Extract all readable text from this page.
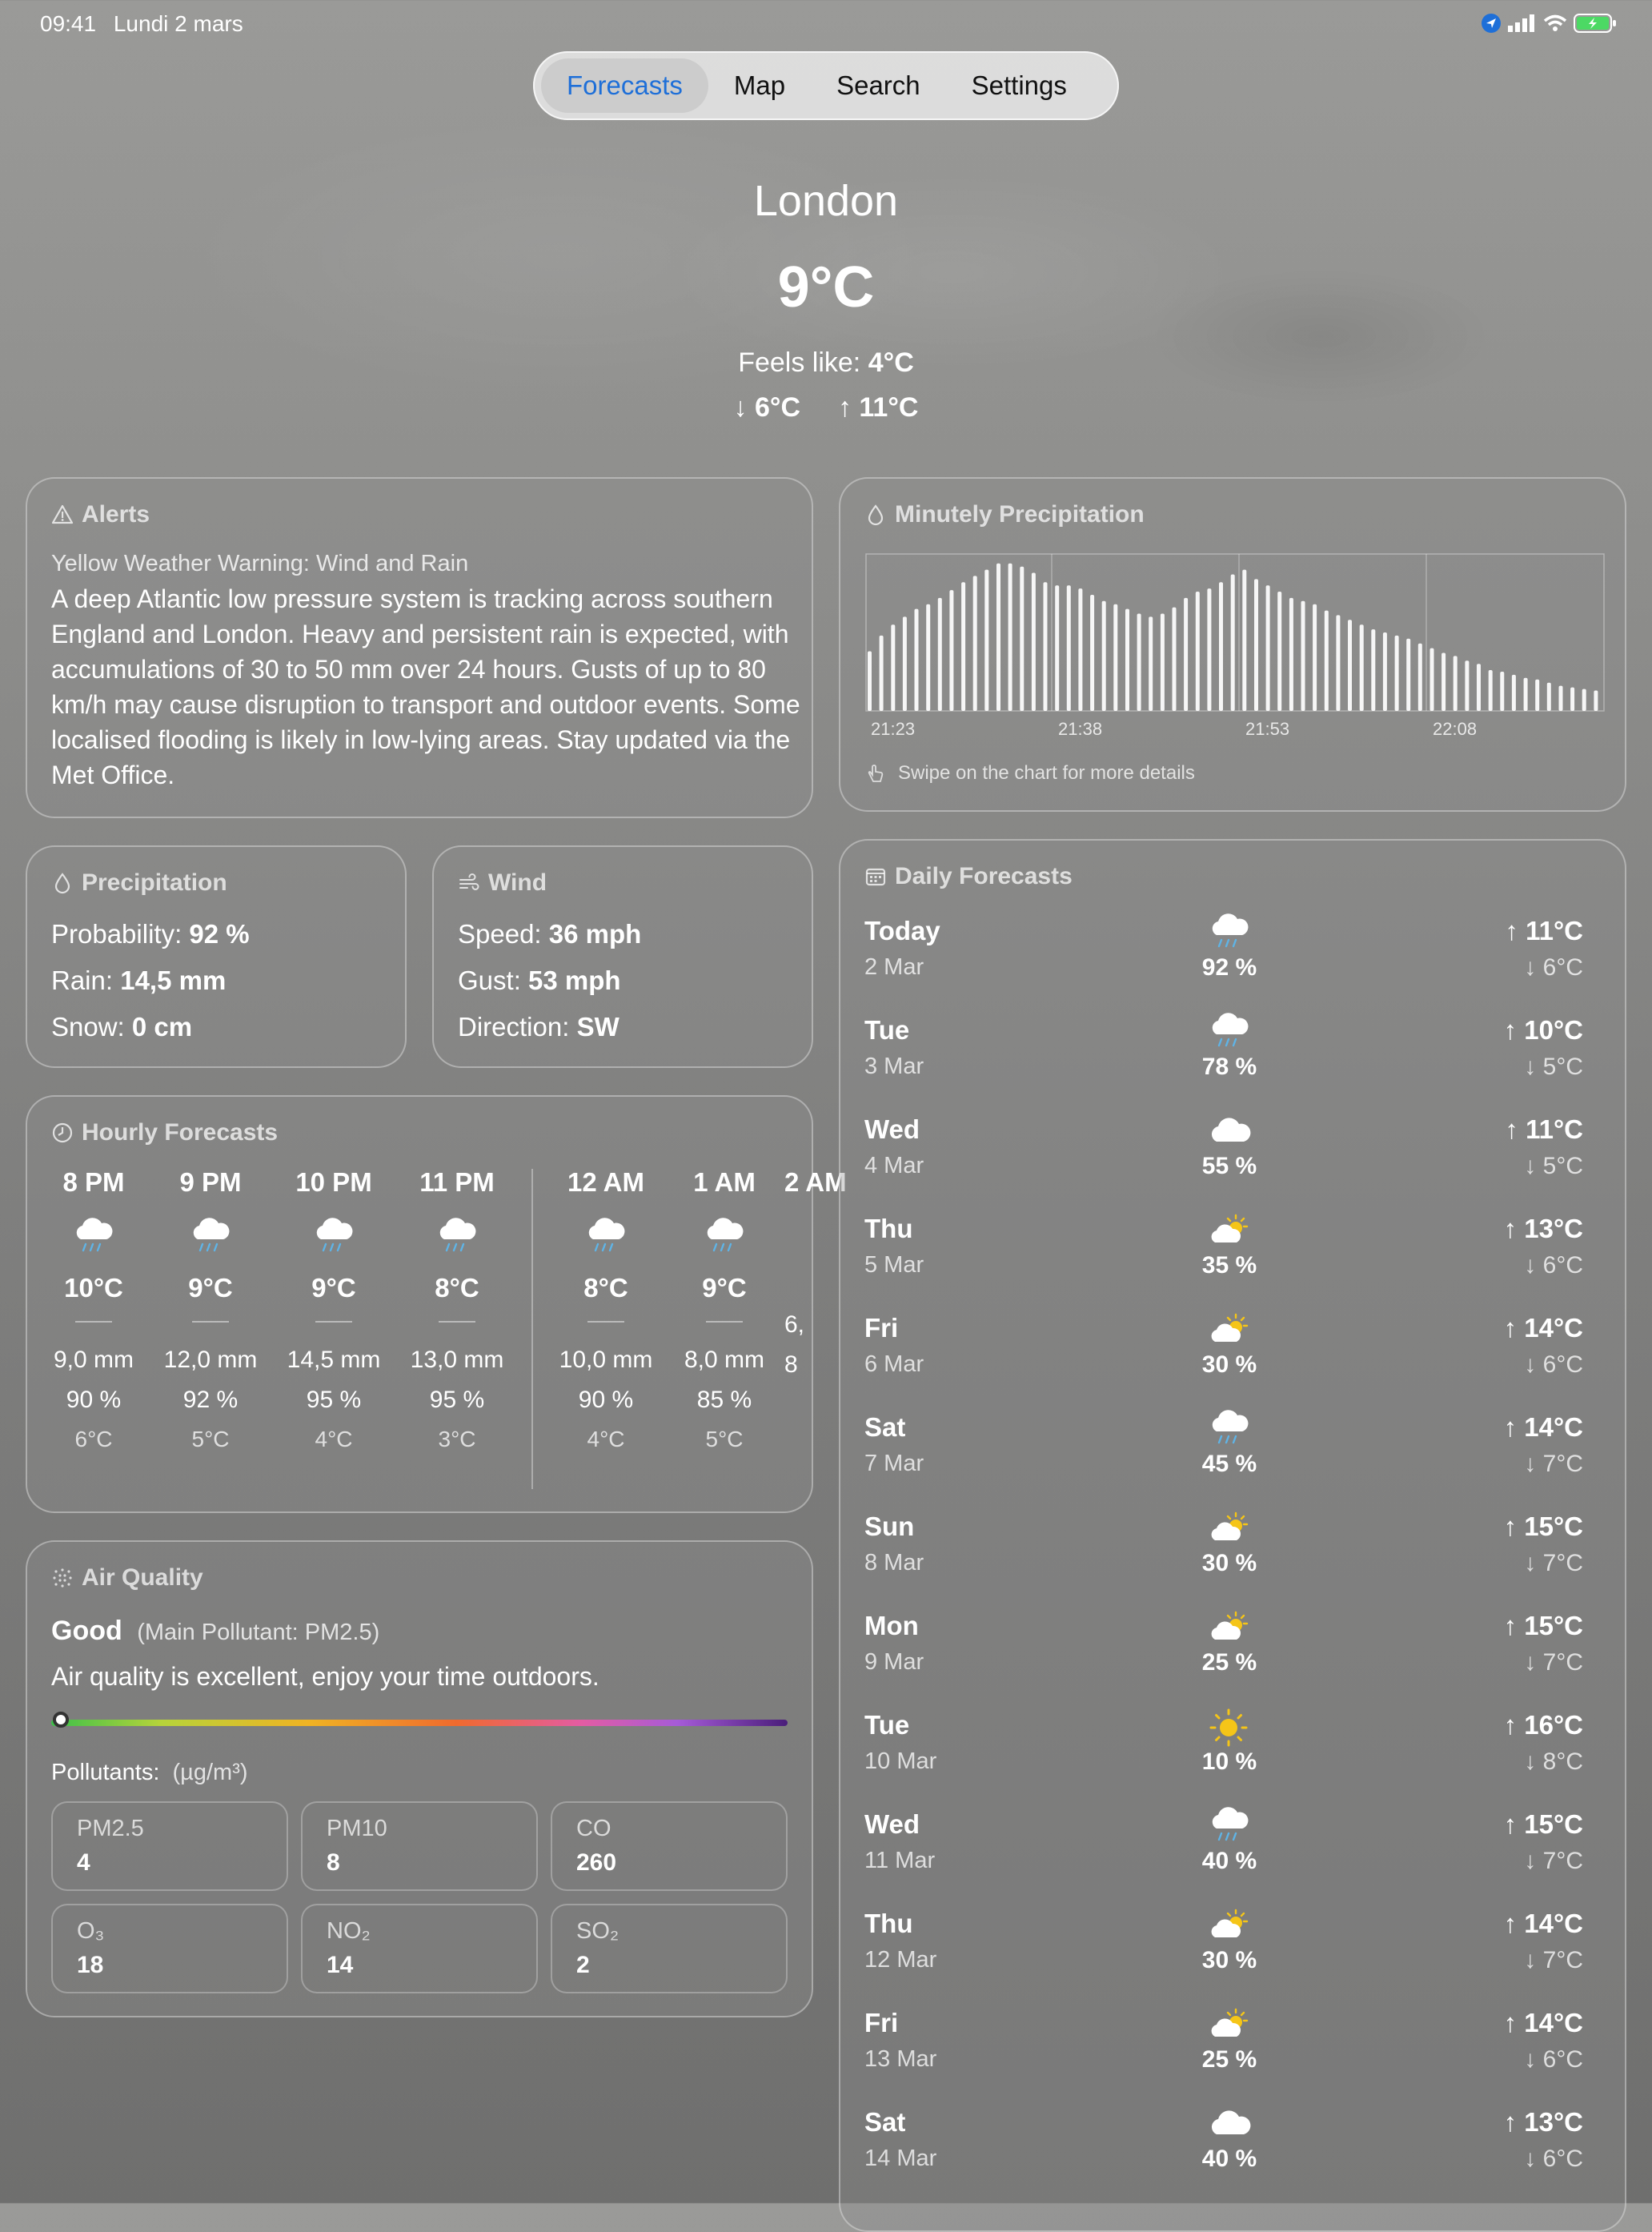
09:41 Lundi 2 mars
Forecasts	Map	Search	Settings
London
9°C
Feels like: 4°C
↓ 6°C ↑ 11°C
Alerts
Yellow Weather Warning: Wind and Rain
A deep Atlantic low pressure system is tracking across southern England and London. Heavy and persistent rain is expected, with accumulations of 30 to 50 mm over 24 hours. Gusts of up to 80 km/h may cause disruption to transport and outdoor events. Some localised flooding is likely in low-lying areas. Stay updated via the Met Office.
Minutely Precipitation
21:23	21:38	21:53	22:08
Swipe on the chart for more details
Precipitation
Probability: 92 %
Rain: 14,5 mm
Snow: 0 cm
Wind
Speed: 36 mph
Gust: 53 mph
Direction: SW
Hourly Forecasts
8 PM
10°C
9,0 mm
90 %
6°C
9 PM
9°C
12,0 mm
92 %
5°C
10 PM
9°C
14,5 mm
95 %
4°C
11 PM
8°C
13,0 mm
95 %
3°C
12 AM
8°C
10,0 mm
90 %
4°C
1 AM
9°C
8,0 mm
85 %
5°C
2 AM
6,
8
Air Quality
Good (Main Pollutant: PM2.5)
Air quality is excellent, enjoy your time outdoors.
Pollutants: (µg/m³)
PM2.5
4
PM10
8
CO
260
O₃
18
NO₂
14
SO₂
2
Daily Forecasts
Today
2 Mar	92 %
↑ 11°C
↓ 6°C
Tue
3 Mar	78 %
↑ 10°C
↓ 5°C
Wed
4 Mar	55 %
↑ 11°C
↓ 5°C
Thu
5 Mar	35 %
↑ 13°C
↓ 6°C
Fri
6 Mar	30 %
↑ 14°C
↓ 6°C
Sat
7 Mar	45 %
↑ 14°C
↓ 7°C
Sun
8 Mar	30 %
↑ 15°C
↓ 7°C
Mon
9 Mar	25 %
↑ 15°C
↓ 7°C
Tue
10 Mar	10 %
↑ 16°C
↓ 8°C
Wed
11 Mar	40 %
↑ 15°C
↓ 7°C
Thu
12 Mar	30 %
↑ 14°C
↓ 7°C
Fri
13 Mar	25 %
↑ 14°C
↓ 6°C
Sat
14 Mar	40 %
↑ 13°C
↓ 6°C
